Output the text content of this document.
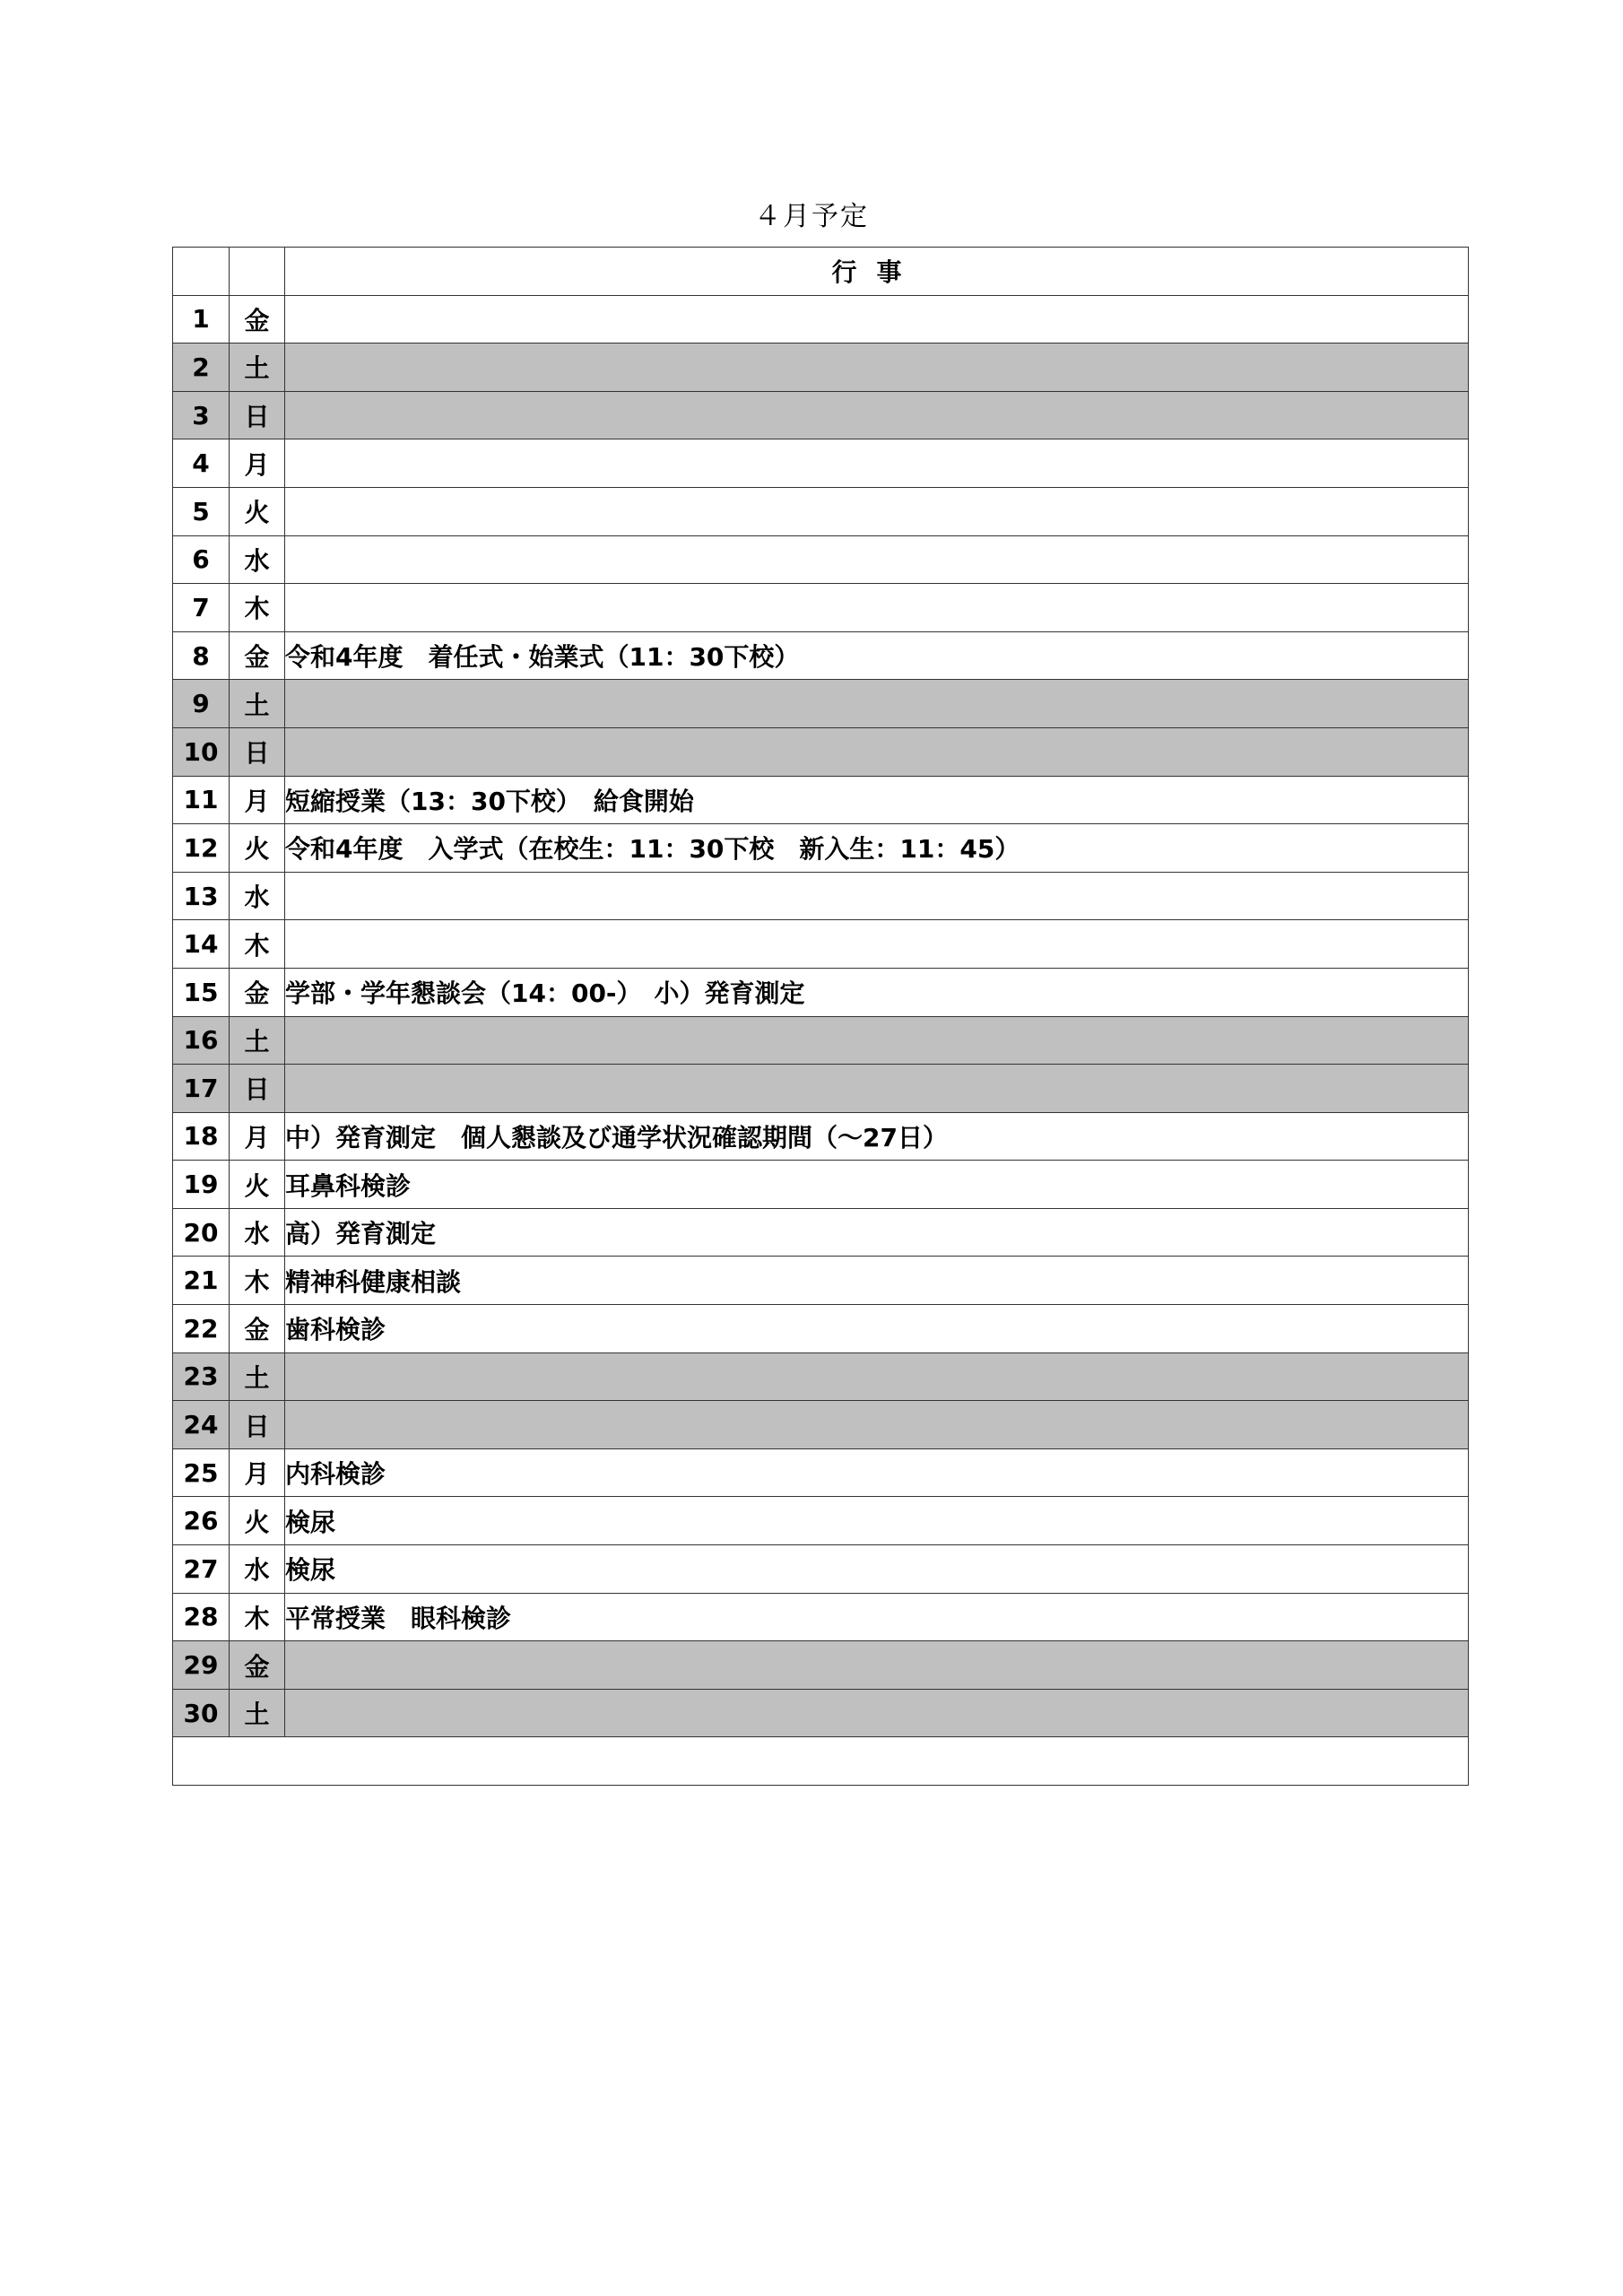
４月予定
		行事
1	金	
2	土	
3	日	
4	月	
5	火	
6	水	
7	木	
8	金	令和4年度　着任式・始業式（11：30下校）
9	土	
10	日	
11	月	短縮授業（13：30下校）　給食開始
12	火	令和4年度　入学式（在校生：11：30下校　新入生：11：45）
13	水	
14	木	
15	金	学部・学年懇談会（14：00-）　小）発育測定
16	土	
17	日	
18	月	中）発育測定　個人懇談及び通学状況確認期間（～27日）
19	火	耳鼻科検診
20	水	高）発育測定
21	木	精神科健康相談
22	金	歯科検診
23	土	
24	日	
25	月	内科検診
26	火	検尿
27	水	検尿
28	木	平常授業　眼科検診
29	金	
30	土	
